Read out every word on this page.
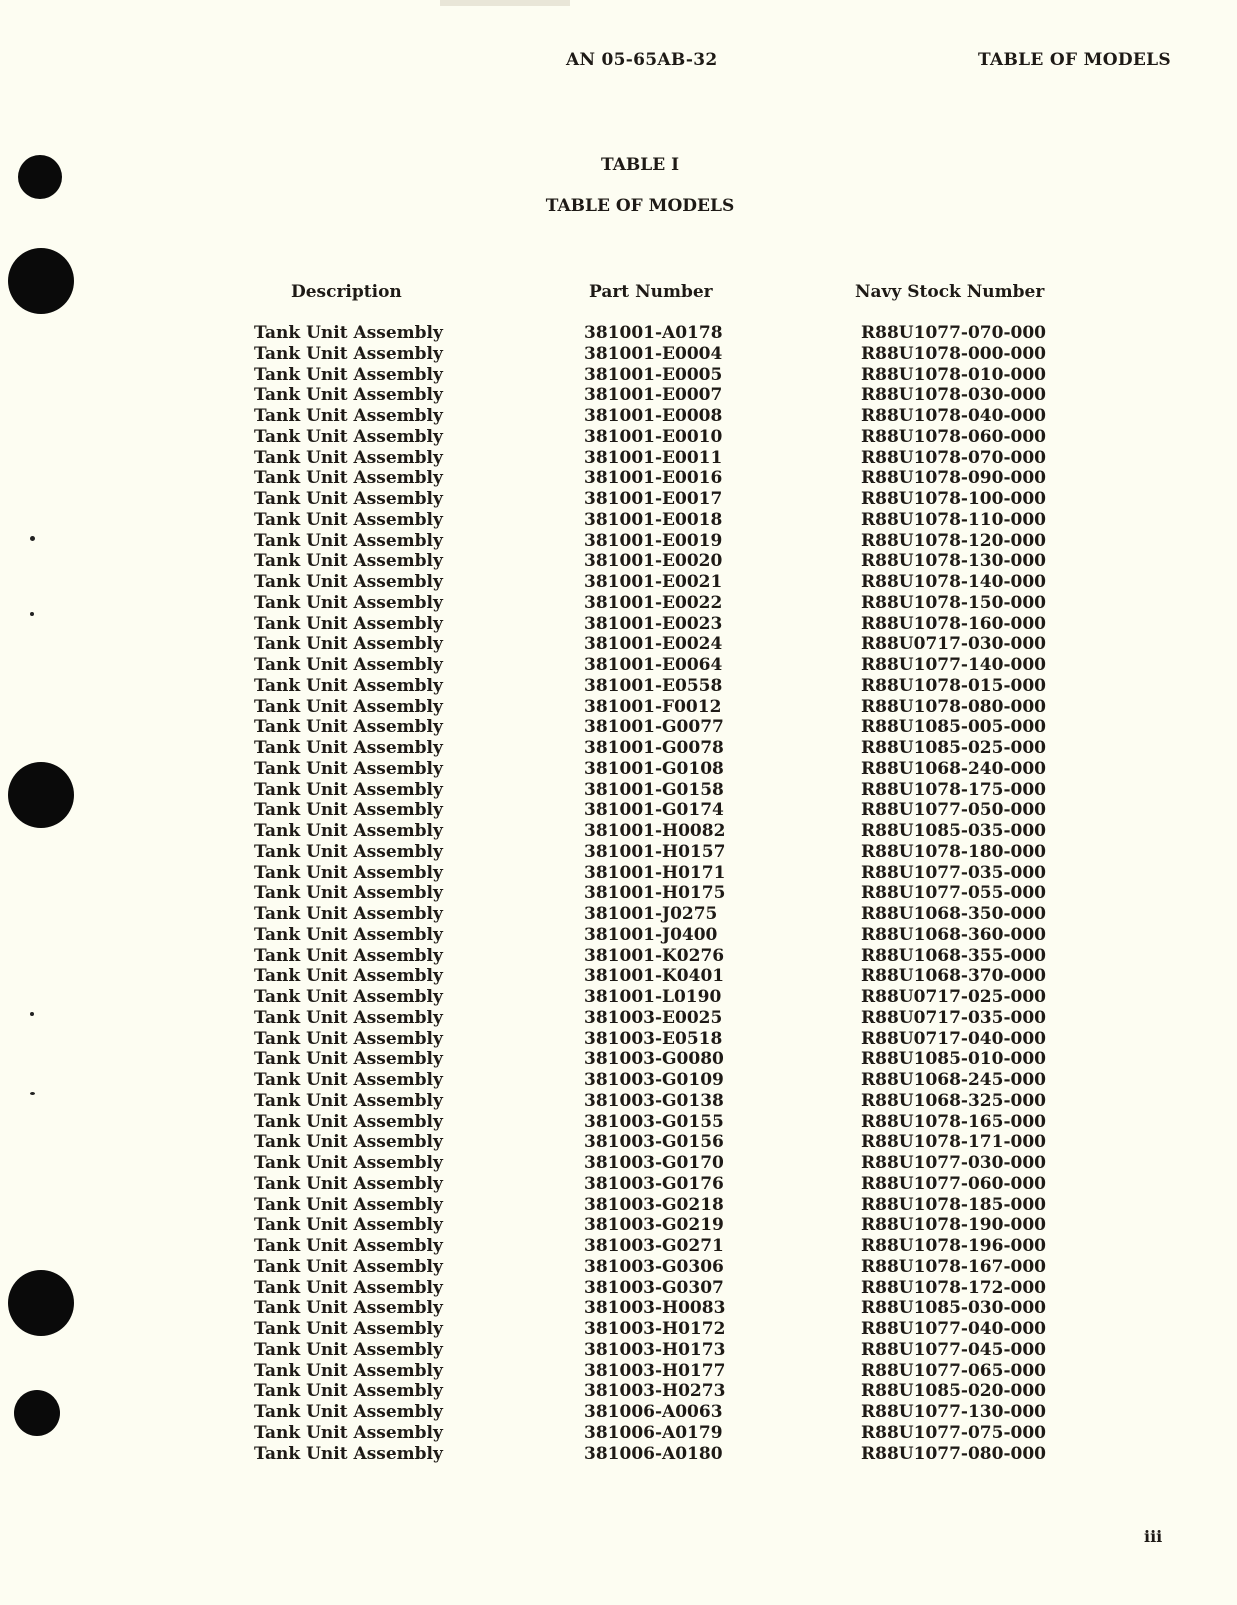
AN 05-65AB-32	TABLE OF MODELS
TABLE I
TABLE OF MODELS
Description	Part Number	Navy Stock Number
Tank Unit Assembly	381001-A0178	R88U1077-070-000
Tank Unit Assembly	381001-E0004	R88U1078-000-000
Tank Unit Assembly	381001-E0005	R88U1078-010-000
Tank Unit Assembly	381001-E0007	R88U1078-030-000
Tank Unit Assembly	381001-E0008	R88U1078-040-000
Tank Unit Assembly	381001-E0010	R88U1078-060-000
Tank Unit Assembly	381001-E0011	R88U1078-070-000
Tank Unit Assembly	381001-E0016	R88U1078-090-000
Tank Unit Assembly	381001-E0017	R88U1078-100-000
Tank Unit Assembly	381001-E0018	R88U1078-110-000
Tank Unit Assembly	381001-E0019	R88U1078-120-000
Tank Unit Assembly	381001-E0020	R88U1078-130-000
Tank Unit Assembly	381001-E0021	R88U1078-140-000
Tank Unit Assembly	381001-E0022	R88U1078-150-000
Tank Unit Assembly	381001-E0023	R88U1078-160-000
Tank Unit Assembly	381001-E0024	R88U0717-030-000
Tank Unit Assembly	381001-E0064	R88U1077-140-000
Tank Unit Assembly	381001-E0558	R88U1078-015-000
Tank Unit Assembly	381001-F0012	R88U1078-080-000
Tank Unit Assembly	381001-G0077	R88U1085-005-000
Tank Unit Assembly	381001-G0078	R88U1085-025-000
Tank Unit Assembly	381001-G0108	R88U1068-240-000
Tank Unit Assembly	381001-G0158	R88U1078-175-000
Tank Unit Assembly	381001-G0174	R88U1077-050-000
Tank Unit Assembly	381001-H0082	R88U1085-035-000
Tank Unit Assembly	381001-H0157	R88U1078-180-000
Tank Unit Assembly	381001-H0171	R88U1077-035-000
Tank Unit Assembly	381001-H0175	R88U1077-055-000
Tank Unit Assembly	381001-J0275	R88U1068-350-000
Tank Unit Assembly	381001-J0400	R88U1068-360-000
Tank Unit Assembly	381001-K0276	R88U1068-355-000
Tank Unit Assembly	381001-K0401	R88U1068-370-000
Tank Unit Assembly	381001-L0190	R88U0717-025-000
Tank Unit Assembly	381003-E0025	R88U0717-035-000
Tank Unit Assembly	381003-E0518	R88U0717-040-000
Tank Unit Assembly	381003-G0080	R88U1085-010-000
Tank Unit Assembly	381003-G0109	R88U1068-245-000
Tank Unit Assembly	381003-G0138	R88U1068-325-000
Tank Unit Assembly	381003-G0155	R88U1078-165-000
Tank Unit Assembly	381003-G0156	R88U1078-171-000
Tank Unit Assembly	381003-G0170	R88U1077-030-000
Tank Unit Assembly	381003-G0176	R88U1077-060-000
Tank Unit Assembly	381003-G0218	R88U1078-185-000
Tank Unit Assembly	381003-G0219	R88U1078-190-000
Tank Unit Assembly	381003-G0271	R88U1078-196-000
Tank Unit Assembly	381003-G0306	R88U1078-167-000
Tank Unit Assembly	381003-G0307	R88U1078-172-000
Tank Unit Assembly	381003-H0083	R88U1085-030-000
Tank Unit Assembly	381003-H0172	R88U1077-040-000
Tank Unit Assembly	381003-H0173	R88U1077-045-000
Tank Unit Assembly	381003-H0177	R88U1077-065-000
Tank Unit Assembly	381003-H0273	R88U1085-020-000
Tank Unit Assembly	381006-A0063	R88U1077-130-000
Tank Unit Assembly	381006-A0179	R88U1077-075-000
Tank Unit Assembly	381006-A0180	R88U1077-080-000
iii
